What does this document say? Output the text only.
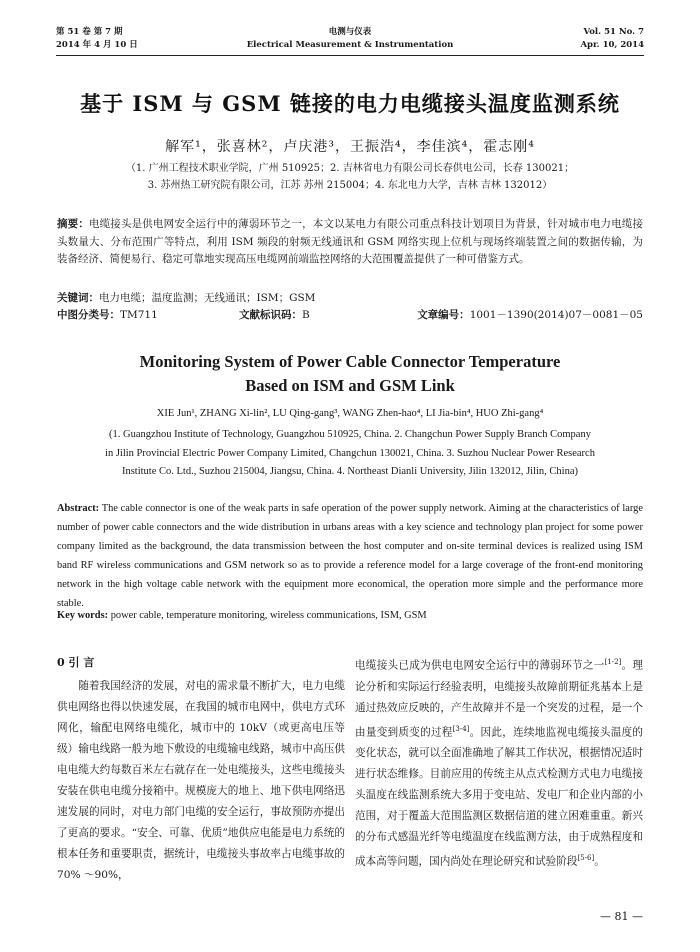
第 51 卷 第 7 期
2014 年 4 月 10 日
电测与仪表
Electrical Measurement & Instrumentation
Vol. 51 No. 7
Apr. 10, 2014
基于 ISM 与 GSM 链接的电力电缆接头温度监测系统
解军¹，张喜林²，卢庆港³，王振浩⁴，李佳滨⁴，霍志刚⁴
（1. 广州工程技术职业学院，广州 510925；2. 吉林省电力有限公司长春供电公司，长春 130021；
3. 苏州热工研究院有限公司，江苏 苏州 215004；4. 东北电力大学，吉林 吉林 132012）
摘要：电缆接头是供电网安全运行中的薄弱环节之一，本文以某电力有限公司重点科技计划项目为背景，针对城市电力电缆接头数量大、分布范围广等特点，利用 ISM 频段的射频无线通讯和 GSM 网络实现上位机与现场终端装置之间的数据传输，为装备经济、简便易行、稳定可靠地实现高压电缆网前端监控网络的大范围覆盖提供了一种可借鉴方式。
关键词：电力电缆；温度监测；无线通讯；ISM；GSM
中图分类号：TM711	文献标识码：B	文章编号：1001－1390(2014)07－0081－05
Monitoring System of Power Cable Connector Temperature
Based on ISM and GSM Link
XIE Jun¹, ZHANG Xi-lin², LU Qing-gang³, WANG Zhen-hao⁴, LI Jia-bin⁴, HUO Zhi-gang⁴
(1. Guangzhou Institute of Technology, Guangzhou 510925, China. 2. Changchun Power Supply Branch Company
in Jilin Provincial Electric Power Company Limited, Changchun 130021, China. 3. Suzhou Nuclear Power Research
Institute Co. Ltd., Suzhou 215004, Jiangsu, China. 4. Northeast Dianli University, Jilin 132012, Jilin, China)
Abstract: The cable connector is one of the weak parts in safe operation of the power supply network. Aiming at the characteristics of large number of power cable connectors and the wide distribution in urbans areas with a key science and technology plan project for some power company limited as the background, the data transmission between the host computer and on-site terminal devices is realized using ISM band RF wireless communications and GSM network so as to provide a reference model for a large coverage of the front-end monitoring network in the high voltage cable network with the equipment more economical, the operation more simple and the performance more stable.
Key words: power cable, temperature monitoring, wireless communications, ISM, GSM
0 引 言

随着我国经济的发展，对电的需求量不断扩大，电力电缆供电网络也得以快速发展，在我国的城市电网中，供电方式环网化，输配电网络电缆化，城市中的 10kV（或更高电压等级）输电线路一般为地下敷设的电缆输电线路，城市中高压供电电缆大约每数百米左右就存在一处电缆接头，这些电缆接头安装在供电电缆分接箱中。规模庞大的地上、地下供电网络迅速发展的同时，对电力部门电缆的安全运行，事故预防亦提出了更高的要求。“安全、可靠、优质”地供应电能是电力系统的根本任务和重要职责，据统计，电缆接头事故率占电缆事故的 70% ～90%，

电缆接头已成为供电电网安全运行中的薄弱环节之一[1-2]。理论分析和实际运行经验表明，电缆接头故障前期征兆基本上是通过热效应反映的，产生故障并不是一个突发的过程，是一个由量变到质变的过程[3-4]。因此，连续地监视电缆接头温度的变化状态，就可以全面准确地了解其工作状况，根据情况适时进行状态维修。目前应用的传统主从点式检测方式电力电缆接头温度在线监测系统大多用于变电站、发电厂和企业内部的小范围，对于覆盖大范围监测区数据信道的建立困难重重。新兴的分布式感温光纤等电缆温度在线监测方法，由于成熟程度和成本高等问题，国内尚处在理论研究和试验阶段[5-6]。

— 81 —
